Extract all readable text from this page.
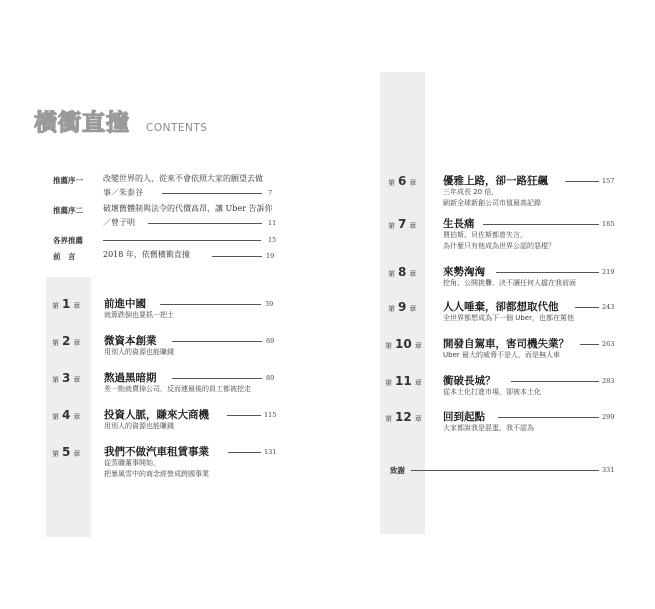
橫衝直撞 CONTENTS
推薦序一	改變世界的人，從來不會依照大家的願望去做
事／朱泰谷	7
推薦序二	破壞舊體制與法令的代價高昂，讓 Uber 告訴你
／曾子明	11
各界推薦	15
前　言	2018 年，依舊橫衝直撞	19
第 1 章 前進中國	39
就算跌倒也要抓一把土
第 2 章 微資本創業	69
用別人的資源也能賺錢
第 3 章 熬過黑暗期	89
差一點就賣掉公司，反而連最後的員工都被挖走
第 4 章 投資人脈，賺來大商機	115
用別人的資源也能賺錢
第 5 章 我們不做汽車租賃事業	131
從蒸職董事開始，
把暴風雪中的商念經營成跨國事業
第 6 章	優雅上路，卻一路狂飆	157
三年成長 20 倍，
刷新全球新創公司市值最高記錄
第 7 章	生長痛	185
賈伯斯、貝佐斯都曾失言，
為什麼只有他成為世界公認的惡棍？
第 8 章	來勢洶洶	219
挖角、公開挑釁，決不讓任何人擋在我前面
第 9 章	人人唾棄，卻都想取代他	243
全世界都想成為下一個 Uber，也都在罵他
第 10 章 開發自駕車，害司機失業？	263
Uber 最大的威脅不是人，而是無人車
第 11 章 衝破長城？	283
從本土化打進市場，卻被本土化
第 12 章 回到起點	299
大家都說我是混蛋，我不認為
致謝	331
